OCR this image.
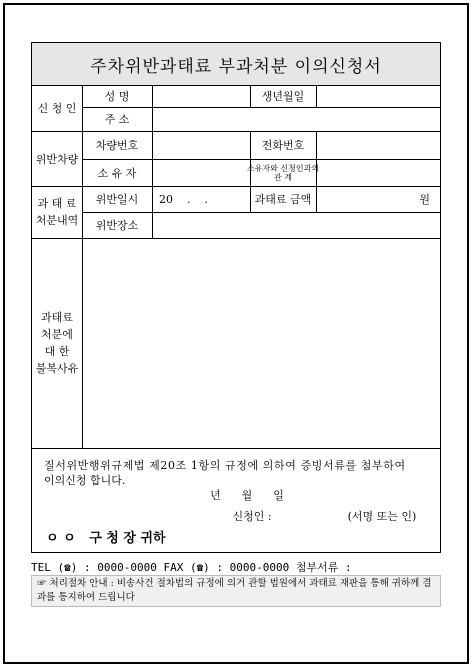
주차위반과태료 부과처분 이의신청서
신 청 인
성 명	생년월일
주 소
위반차량
차량번호	전화번호
소 유 자	소유자와 신청인과의
관 계
과 태 료
처분내역
위반일시	20    .    .	과태료 금액	원
위반장소
과태료
처분에
대 한
불복사유
질서위반행위규제법 제20조 1항의 규정에 의하여 증빙서류를 첨부하여
이의신청 합니다.
년      월      일
신청인 :	(서명 또는 인)
ㅇ ㅇ   구 청 장 귀하
TEL (☎) : 0000-0000 FAX (☎) : 0000-0000 첨부서류 :
☞ 처리절차 안내 : 비송사건 절차법의 규정에 의거 관할 법원에서 과태료 재판을 통해 귀하께 결과를 통지하여 드립니다
